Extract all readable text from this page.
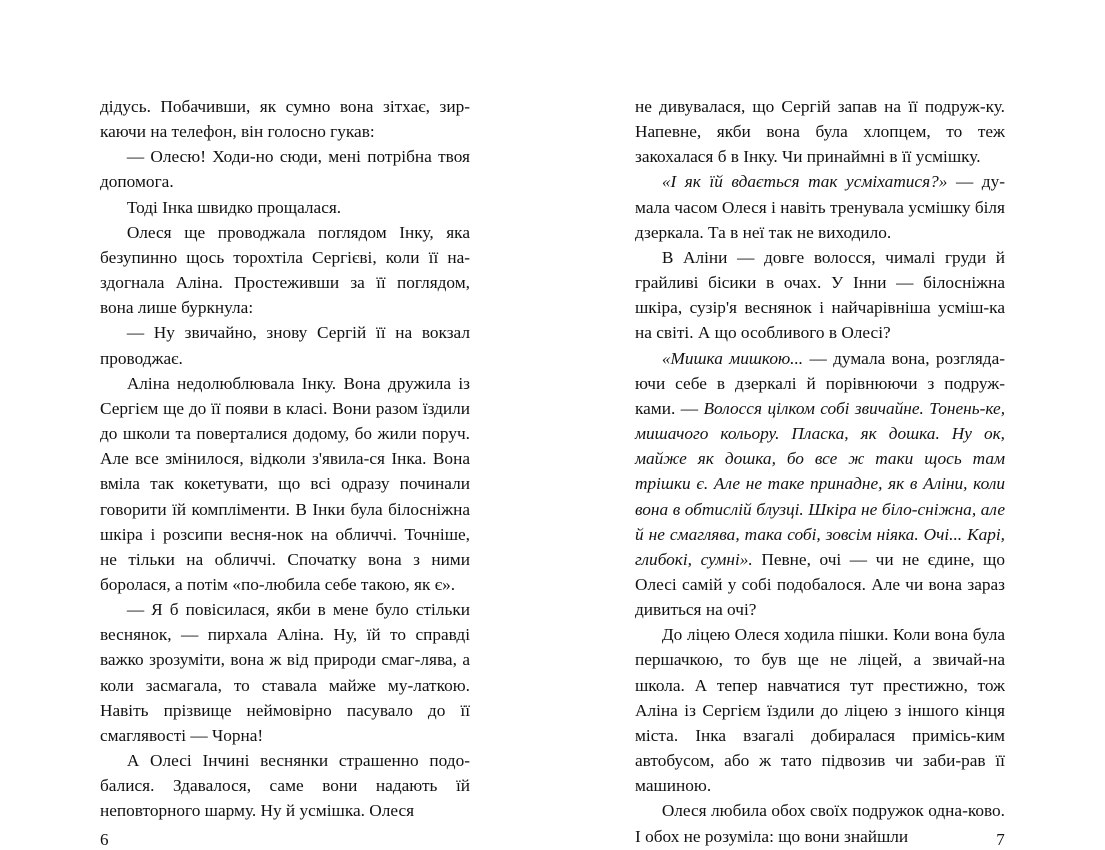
дідусь. Побачивши, як сумно вона зітхає, зир-каючи на телефон, він голосно гукав:

— Олесю! Ходи-но сюди, мені потрібна твоя допомога.

Тоді Інка швидко прощалася.

Олеся ще проводжала поглядом Інку, яка безупинно щось торохтіла Сергієві, коли її на-здогнала Аліна. Простеживши за її поглядом, вона лише буркнула:

— Ну звичайно, знову Сергій її на вокзал проводжає.

Аліна недолюблювала Інку. Вона дружила із Сергієм ще до її появи в класі. Вони разом їздили до школи та поверталися додому, бо жили поруч. Але все змінилося, відколи з'явила-ся Інка. Вона вміла так кокетувати, що всі одразу починали говорити їй компліменти. В Інки була білосніжна шкіра і розсипи весня-нок на обличчі. Точніше, не тільки на обличчі. Спочатку вона з ними боролася, а потім «по-любила себе такою, як є».

— Я б повісилася, якби в мене було стільки веснянок, — пирхала Аліна. Ну, їй то справді важко зрозуміти, вона ж від природи смаг-лява, а коли засмагала, то ставала майже му-латкою. Навіть прізвище неймовірно пасувало до її смаглявості — Чорна!

А Олесі Інчині веснянки страшенно подо-балися. Здавалося, саме вони надають їй неповторного шарму. Ну й усмішка. Олеся

6

не дивувалася, що Сергій запав на її подруж-ку. Напевне, якби вона була хлопцем, то теж закохалася б в Інку. Чи принаймні в її усмішку.

«І як їй вдається так усміхатися?» — ду-мала часом Олеся і навіть тренувала усмішку біля дзеркала. Та в неї так не виходило.

В Аліни — довге волосся, чималі груди й грайливі бісики в очах. У Інни — білосніжна шкіра, сузір'я веснянок і найчарівніша усміш-ка на світі. А що особливого в Олесі?

«Мишка мишкою... — думала вона, розгляда-ючи себе в дзеркалі й порівнюючи з подруж-ками. — Волосся цілком собі звичайне. Тонень-ке, мишачого кольору. Пласка, як дошка. Ну ок, майже як дошка, бо все ж таки щось там трішки є. Але не таке принадне, як в Аліни, коли вона в обтислій блузці. Шкіра не біло-сніжна, але й не смаглява, така собі, зовсім ніяка. Очі... Карі, глибокі, сумні». Певне, очі — чи не єдине, що Олесі самій у собі подобалося. Але чи вона зараз дивиться на очі?

До ліцею Олеся ходила пішки. Коли вона була першачкою, то був ще не ліцей, а звичай-на школа. А тепер навчатися тут престижно, тож Аліна із Сергієм їздили до ліцею з іншого кінця міста. Інка взагалі добиралася примісь-ким автобусом, або ж тато підвозив чи заби-рав її машиною.

Олеся любила обох своїх подружок одна-ково. І обох не розуміла: що вони знайшли	7
